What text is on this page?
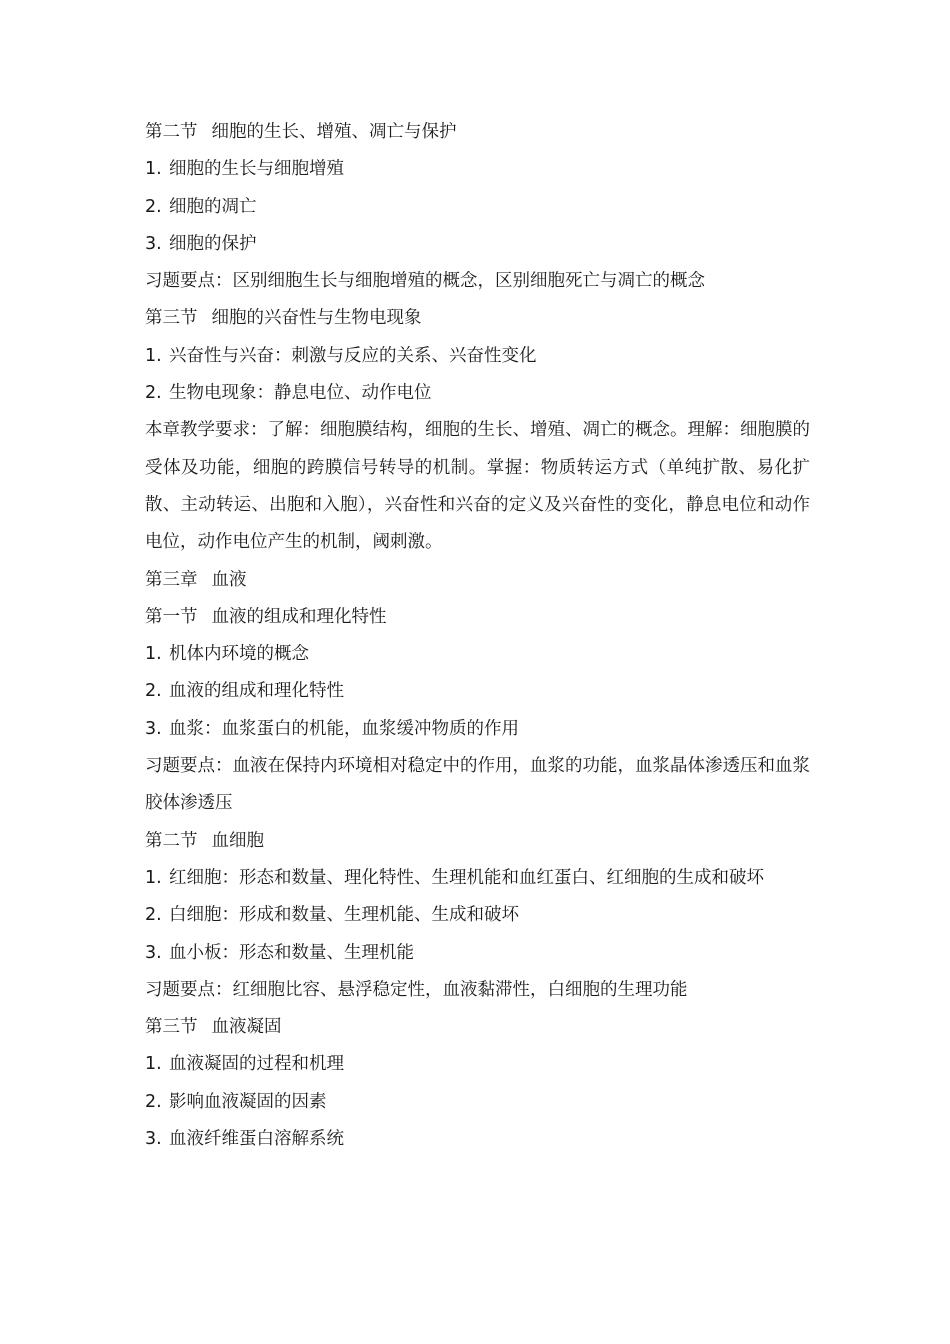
第二节 细胞的生长、增殖、凋亡与保护

1. 细胞的生长与细胞增殖

2. 细胞的凋亡

3. 细胞的保护

习题要点：区别细胞生长与细胞增殖的概念，区别细胞死亡与凋亡的概念

第三节 细胞的兴奋性与生物电现象

1. 兴奋性与兴奋：刺激与反应的关系、兴奋性变化

2. 生物电现象：静息电位、动作电位

本章教学要求：了解：细胞膜结构，细胞的生长、增殖、凋亡的概念。理解：细胞膜的受体及功能，细胞的跨膜信号转导的机制。掌握：物质转运方式（单纯扩散、易化扩散、主动转运、出胞和入胞），兴奋性和兴奋的定义及兴奋性的变化，静息电位和动作电位，动作电位产生的机制，阈刺激。

第三章 血液

第一节 血液的组成和理化特性

1. 机体内环境的概念

2. 血液的组成和理化特性

3. 血浆：血浆蛋白的机能，血浆缓冲物质的作用

习题要点：血液在保持内环境相对稳定中的作用，血浆的功能，血浆晶体渗透压和血浆胶体渗透压

第二节 血细胞

1. 红细胞：形态和数量、理化特性、生理机能和血红蛋白、红细胞的生成和破坏

2. 白细胞：形成和数量、生理机能、生成和破坏

3. 血小板：形态和数量、生理机能

习题要点：红细胞比容、悬浮稳定性，血液黏滞性，白细胞的生理功能

第三节 血液凝固

1. 血液凝固的过程和机理

2. 影响血液凝固的因素

3. 血液纤维蛋白溶解系统
